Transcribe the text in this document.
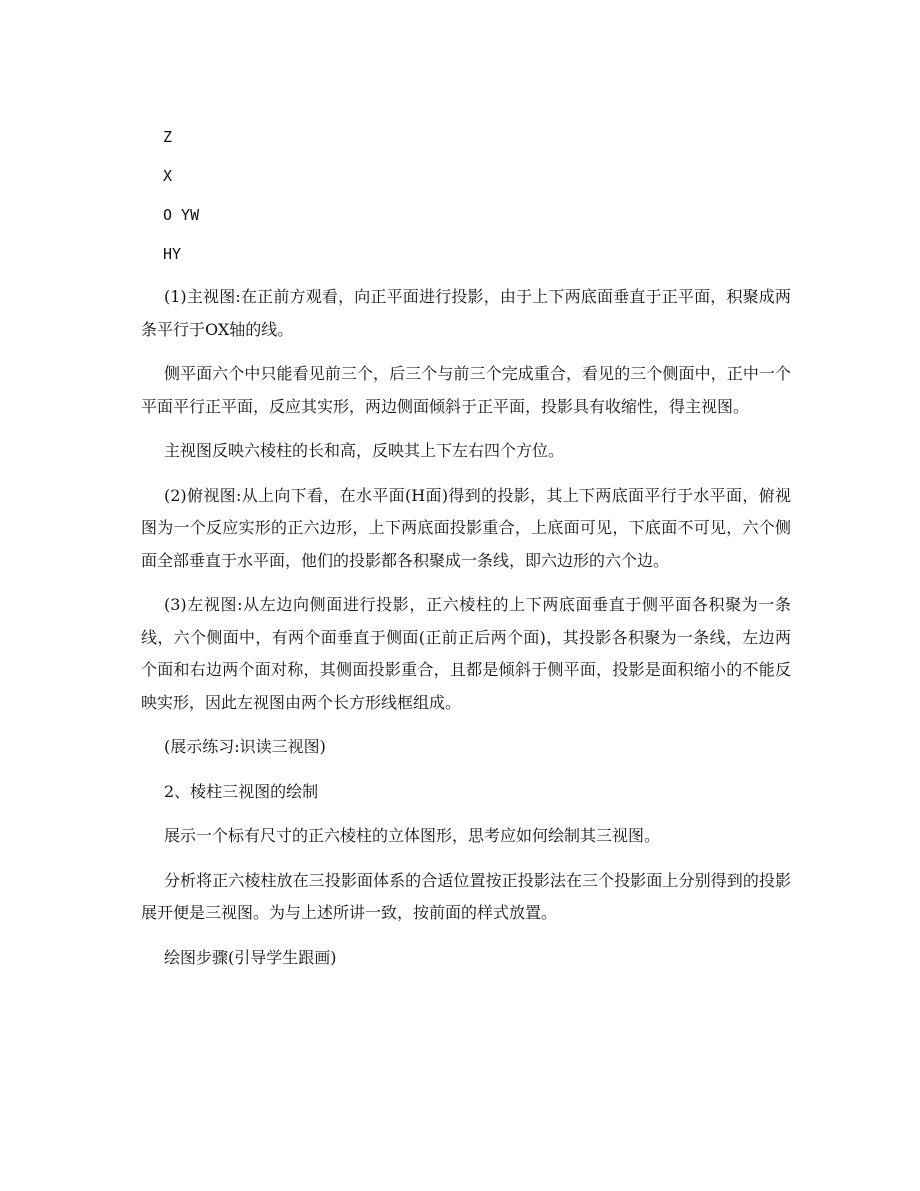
Z
X
O YW
HY

(1)主视图:在正前方观看，向正平面进行投影，由于上下两底面垂直于正平面，积聚成两条平行于OX轴的线。

侧平面六个中只能看见前三个，后三个与前三个完成重合，看见的三个侧面中，正中一个平面平行正平面，反应其实形，两边侧面倾斜于正平面，投影具有收缩性，得主视图。

主视图反映六棱柱的长和高，反映其上下左右四个方位。

(2)俯视图:从上向下看，在水平面(H面)得到的投影，其上下两底面平行于水平面，俯视图为一个反应实形的正六边形，上下两底面投影重合，上底面可见，下底面不可见，六个侧面全部垂直于水平面，他们的投影都各积聚成一条线，即六边形的六个边。

(3)左视图:从左边向侧面进行投影，正六棱柱的上下两底面垂直于侧平面各积聚为一条线，六个侧面中，有两个面垂直于侧面(正前正后两个面)，其投影各积聚为一条线，左边两个面和右边两个面对称，其侧面投影重合，且都是倾斜于侧平面，投影是面积缩小的不能反映实形，因此左视图由两个长方形线框组成。

(展示练习:识读三视图)

2、棱柱三视图的绘制

展示一个标有尺寸的正六棱柱的立体图形，思考应如何绘制其三视图。

分析将正六棱柱放在三投影面体系的合适位置按正投影法在三个投影面上分别得到的投影展开便是三视图。为与上述所讲一致，按前面的样式放置。

绘图步骤(引导学生跟画)
